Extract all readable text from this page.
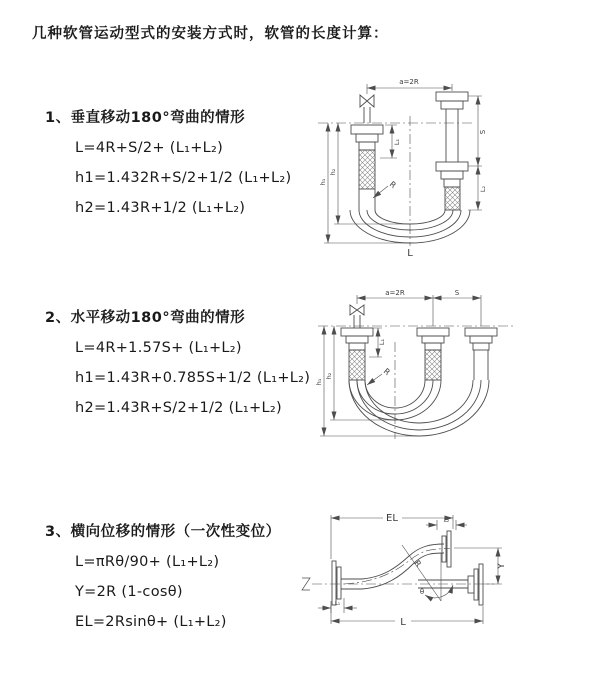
几种软管运动型式的安装方式时，软管的长度计算：
1、垂直移动180°弯曲的情形
L=4R+S/2+ (L₁+L₂)
h1=1.432R+S/2+1/2 (L₁+L₂)
h2=1.43R+1/2 (L₁+L₂)
2、水平移动180°弯曲的情形
L=4R+1.57S+ (L₁+L₂)
h1=1.43R+0.785S+1/2 (L₁+L₂)
h2=1.43R+S/2+1/2 (L₁+L₂)
3、横向位移的情形（一次性变位）
L=πRθ/90+ (L₁+L₂)
Y=2R (1-cosθ)
EL=2Rsinθ+ (L₁+L₂)
a=2R
S
L₂
L₁
h₁
h₂
R
L
a=2R	S
L₁
h₁
h₂	R
EL	L₂
L₁
Y
L
R
θ
